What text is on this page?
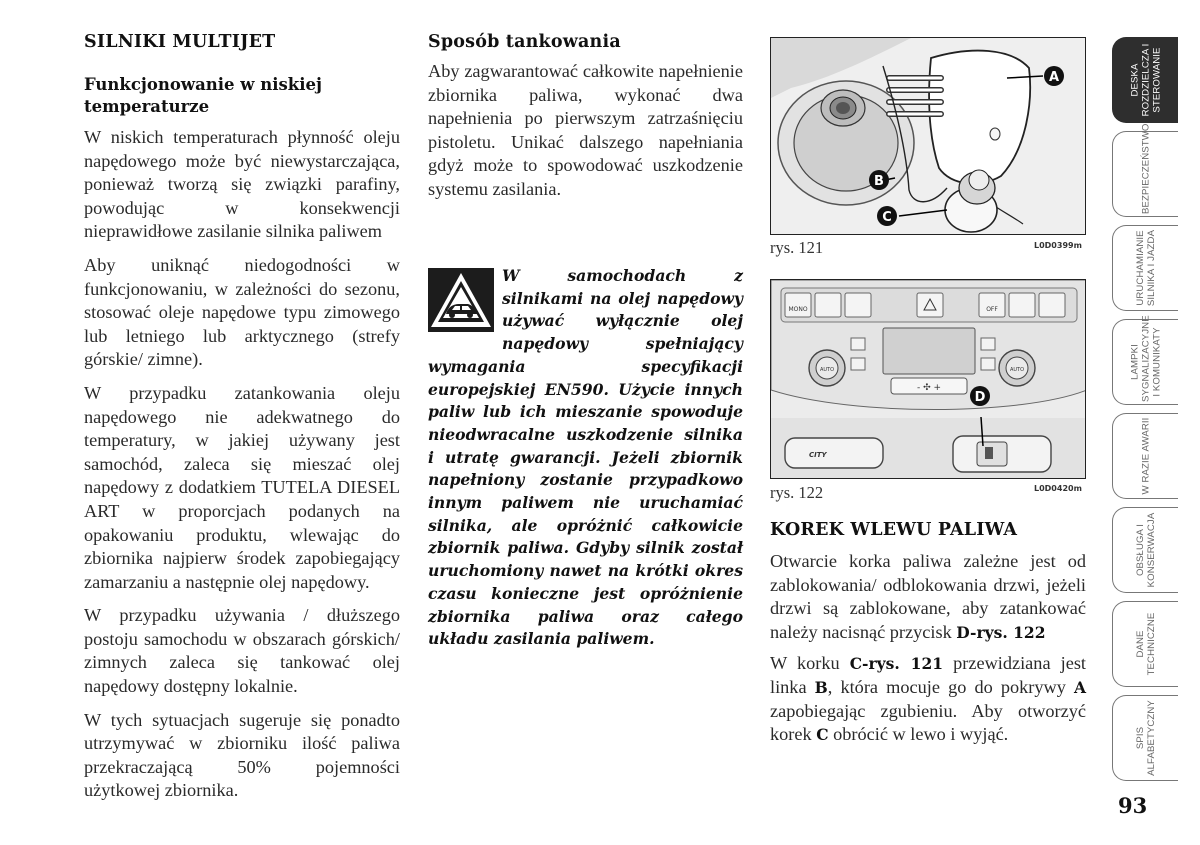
SILNIKI MULTIJET
Funkcjonowanie w niskiej temperaturze

W niskich temperaturach płynność oleju napędowego może być niewystarczająca, ponieważ tworzą się związki parafiny, powodując w konsekwencji nieprawidłowe zasilanie silnika paliwem

Aby uniknąć niedogodności w funkcjonowaniu, w zależności do sezonu, stosować oleje napędowe typu zimowego lub letniego lub arktycznego (strefy górskie/ zimne).

W przypadku zatankowania oleju napędowego nie adekwatnego do temperatury, w jakiej używany jest samochód, zaleca się mieszać olej napędowy z dodatkiem TUTELA DIESEL ART w proporcjach podanych na opakowaniu produktu, wlewając do zbiornika najpierw środek zapobiegający zamarzaniu a następnie olej napędowy.

W przypadku używania / dłuższego postoju samochodu w obszarach górskich/ zimnych zaleca się tankować olej napędowy dostępny lokalnie.

W tych sytuacjach sugeruje się ponadto utrzymywać w zbiorniku ilość paliwa przekraczającą 50% pojemności użytkowej zbiornika.

Sposób tankowania

Aby zagwarantować całkowite napełnienie zbiornika paliwa, wykonać dwa napełnienia po pierwszym zatrzaśnięciu pistoletu. Unikać dalszego napełniania gdyż może to spowodować uszkodzenie systemu zasilania.

W samochodach z silnikami na olej napędowy używać wyłącznie olej napędowy spełniający wymagania specyfikacji europejskiej EN590. Użycie innych paliw lub ich mieszanie spowoduje nieodwracalne uszkodzenie silnika i utratę gwarancji. Jeżeli zbiornik napełniony zostanie przypadkowo innym paliwem nie uruchamiać silnika, ale opróżnić całkowicie zbiornik paliwa. Gdyby silnik został uruchomiony nawet na krótki okres czasu konieczne jest opróżnienie zbiornika paliwa oraz całego układu zasilania paliwem.

A
B
C
rys. 121	L0D0399m
MONO	OFF
- ✣ +
AUTO	AUTO
CITY
D
rys. 122	L0D0420m
KOREK WLEWU PALIWA

Otwarcie korka paliwa zależne jest od zablokowania/ odblokowania drzwi, jeżeli drzwi są zablokowane, aby zatankować należy nacisnąć przycisk D-rys. 122

W korku C-rys. 121 przewidziana jest linka B, która mocuje go do pokrywy A zapobiegając zgubieniu. Aby otworzyć korek C obrócić w lewo i wyjąć.

DESKA ROZDZIELCZA I STEROWANIE
BEZPIECZEŃSTWO
URUCHAMIANIE SILNIKA I JAZDA
LAMPKI SYGNALIZACYJNE I KOMUNIKATY
W RAZIE AWARII
OBSŁUGA I KONSERWACJA
DANE TECHNICZNE
SPIS ALFABETYCZNY
93
